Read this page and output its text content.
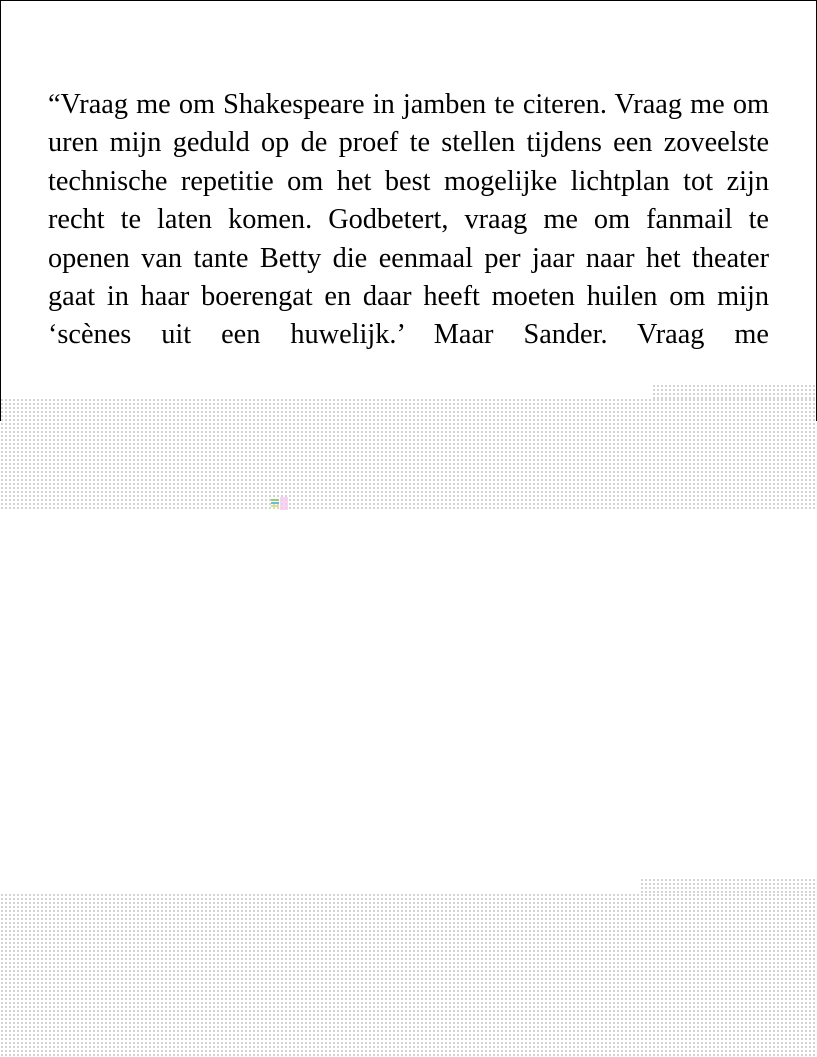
“Vraag me om Shakespeare in jamben te citeren. Vraag me om uren mijn geduld op de proef te stellen tijdens een zoveelste technische repetitie om het best mogelijke lichtplan tot zijn recht te laten komen. Godbetert, vraag me om fanmail te openen van tante Betty die eenmaal per jaar naar het theater gaat in haar boerengat en daar heeft moeten huilen om mijn ‘scènes uit een huwelijk.’ Maar Sander. Vraag me
